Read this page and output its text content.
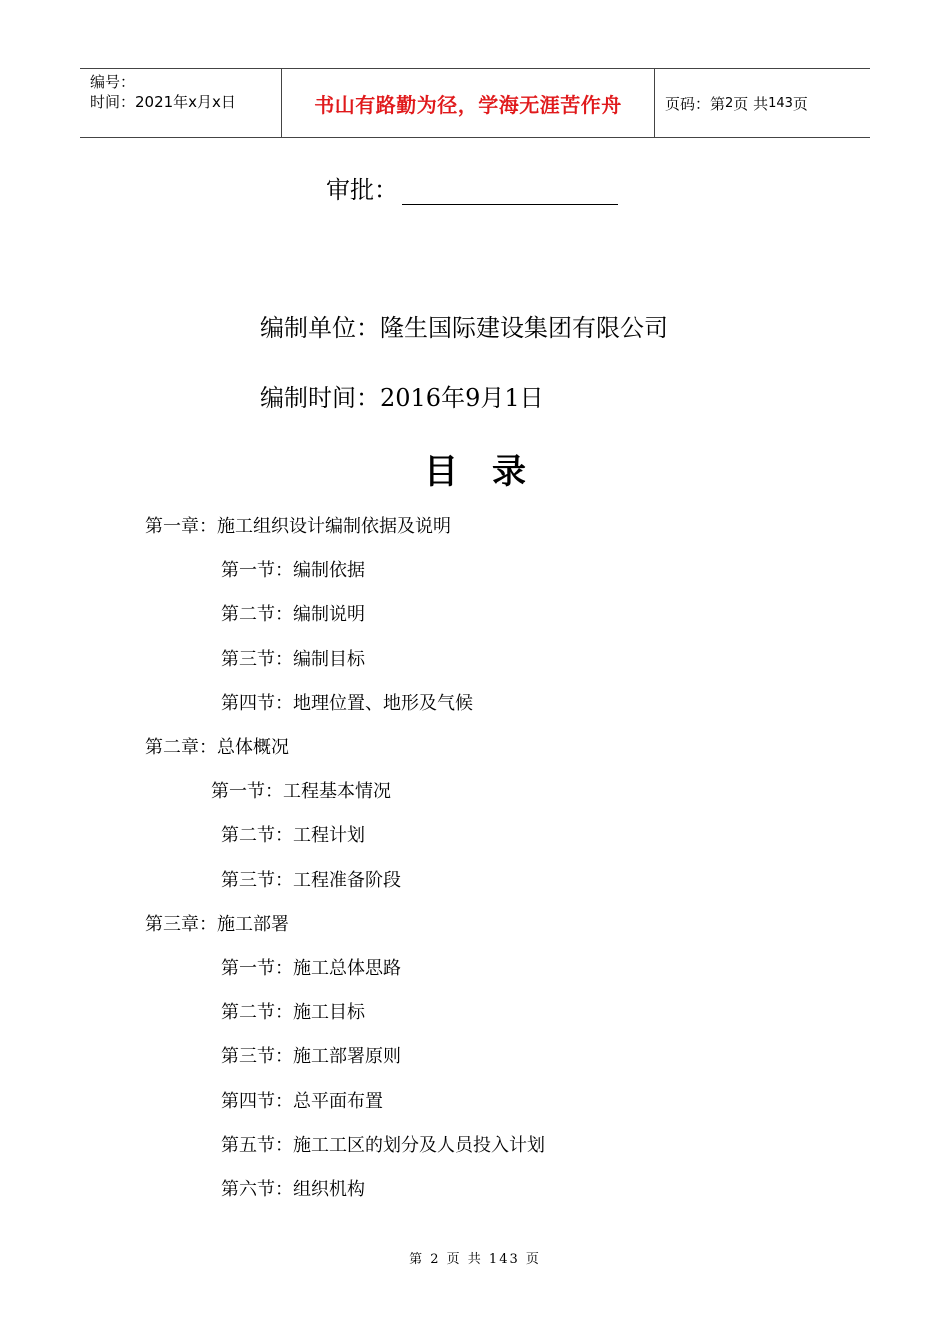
编号：
时间：2021年x月x日	书山有路勤为径，学海无涯苦作舟	页码：第 2 页 共 143 页
审批：
编制单位：隆生国际建设集团有限公司
编制时间：2016年9月1日
目录
第一章：施工组织设计编制依据及说明
第一节：编制依据
第二节：编制说明
第三节：编制目标
第四节：地理位置、地形及气候
第二章：总体概况
第一节：工程基本情况
第二节：工程计划
第三节：工程准备阶段
第三章：施工部署
第一节：施工总体思路
第二节：施工目标
第三节：施工部署原则
第四节：总平面布置
第五节：施工工区的划分及人员投入计划
第六节：组织机构
第 2 页 共 143 页
